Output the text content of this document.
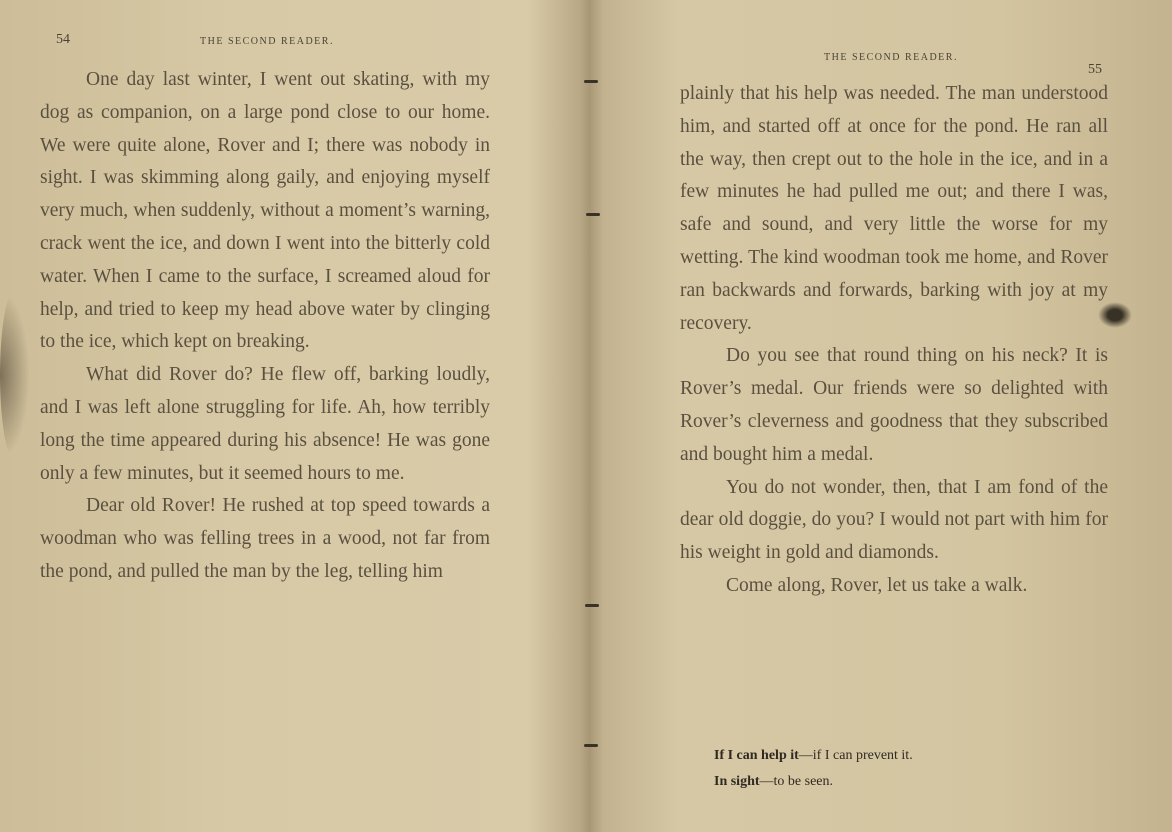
54	THE SECOND READER.

One day last winter, I went out skating, with my dog as companion, on a large pond close to our home. We were quite alone, Rover and I; there was nobody in sight. I was skimming along gaily, and enjoying myself very much, when suddenly, without a moment’s warning, crack went the ice, and down I went into the bitterly cold water. When I came to the surface, I screamed aloud for help, and tried to keep my head above water by clinging to the ice, which kept on breaking.

What did Rover do? He flew off, barking loudly, and I was left alone struggling for life. Ah, how terribly long the time appeared during his absence! He was gone only a few minutes, but it seemed hours to me.

Dear old Rover! He rushed at top speed towards a woodman who was felling trees in a wood, not far from the pond, and pulled the man by the leg, telling him

THE SECOND READER.
55

plainly that his help was needed. The man understood him, and started off at once for the pond. He ran all the way, then crept out to the hole in the ice, and in a few minutes he had pulled me out; and there I was, safe and sound, and very little the worse for my wetting. The kind woodman took me home, and Rover ran backwards and forwards, barking with joy at my recovery.

Do you see that round thing on his neck? It is Rover’s medal. Our friends were so delighted with Rover’s cleverness and goodness that they subscribed and bought him a medal.

You do not wonder, then, that I am fond of the dear old doggie, do you? I would not part with him for his weight in gold and diamonds.

Come along, Rover, let us take a walk.

If I can help it—if I can prevent it.
In sight—to be seen.
